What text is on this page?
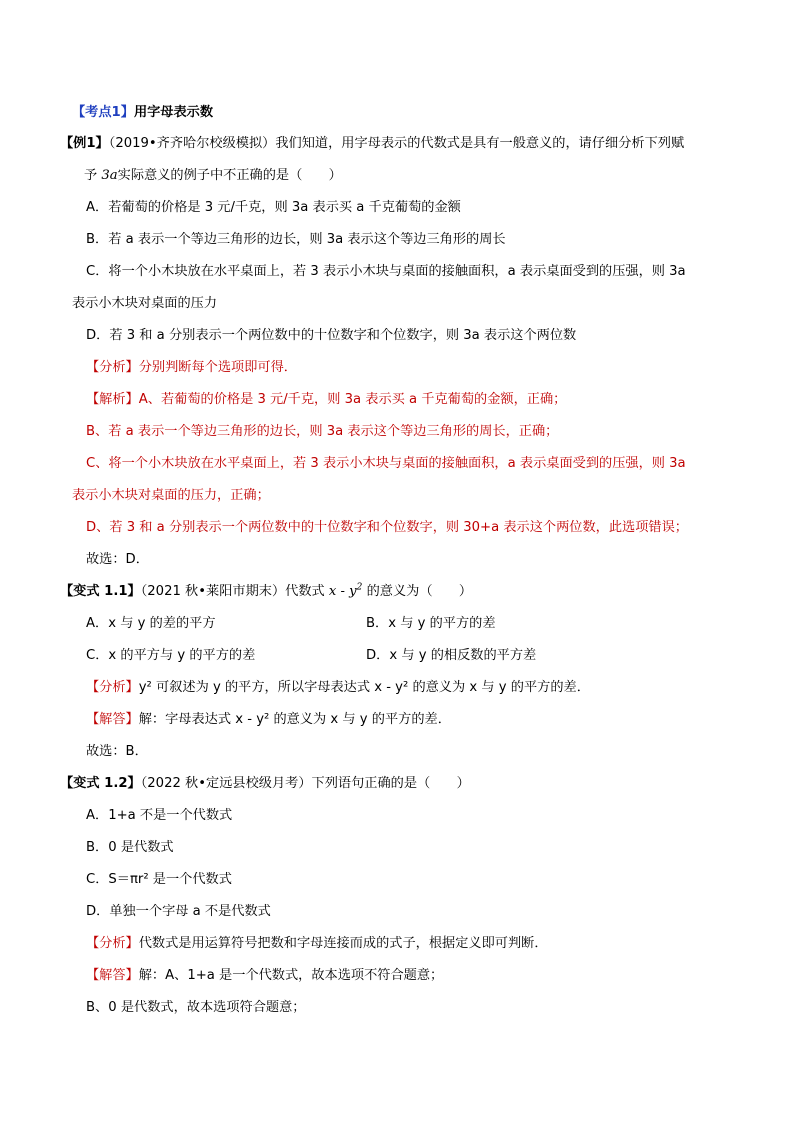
【考点1】用字母表示数
【例1】（2019•齐齐哈尔校级模拟）我们知道，用字母表示的代数式是具有一般意义的，请仔细分析下列赋
予 3a实际意义的例子中不正确的是（　　）
A．若葡萄的价格是 3 元/千克，则 3a 表示买 a 千克葡萄的金额
B．若 a 表示一个等边三角形的边长，则 3a 表示这个等边三角形的周长
C．将一个小木块放在水平桌面上，若 3 表示小木块与桌面的接触面积，a 表示桌面受到的压强，则 3a
表示小木块对桌面的压力
D．若 3 和 a 分别表示一个两位数中的十位数字和个位数字，则 3a 表示这个两位数
【分析】分别判断每个选项即可得．
【解析】A、若葡萄的价格是 3 元/千克，则 3a 表示买 a 千克葡萄的金额，正确；
B、若 a 表示一个等边三角形的边长，则 3a 表示这个等边三角形的周长，正确；
C、将一个小木块放在水平桌面上，若 3 表示小木块与桌面的接触面积，a 表示桌面受到的压强，则 3a
表示小木块对桌面的压力，正确；
D、若 3 和 a 分别表示一个两位数中的十位数字和个位数字，则 30+a 表示这个两位数，此选项错误；
故选：D．
【变式 1.1】（2021 秋•莱阳市期末）代数式 x - $y^2$ 的意义为（　　）
A．x 与 y 的差的平方	B．x 与 y 的平方的差
C．x 的平方与 y 的平方的差	D．x 与 y 的相反数的平方差
【分析】y² 可叙述为 y 的平方，所以字母表达式 x - y² 的意义为 x 与 y 的平方的差．
【解答】解：字母表达式 x - y² 的意义为 x 与 y 的平方的差．
故选：B．
【变式 1.2】（2022 秋•定远县校级月考）下列语句正确的是（　　）
A．1+a 不是一个代数式
B．0 是代数式
C．S＝πr² 是一个代数式
D．单独一个字母 a 不是代数式
【分析】代数式是用运算符号把数和字母连接而成的式子，根据定义即可判断．
【解答】解：A、1+a 是一个代数式，故本选项不符合题意；
B、0 是代数式，故本选项符合题意；
